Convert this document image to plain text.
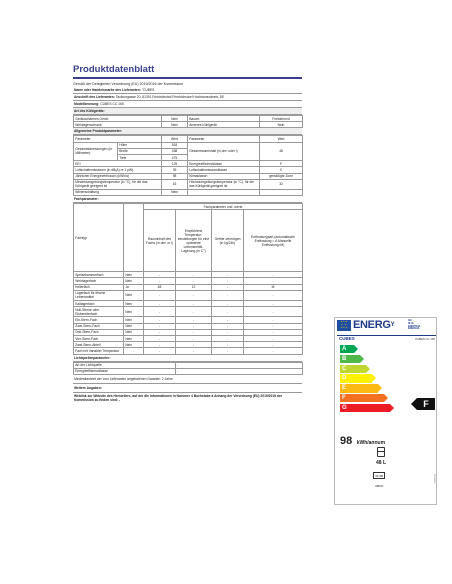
Produktdatenblatt
Gemäß der Delegierten Verordnung (EU) 2019/2016 der Kommission
Name oder Handelsmarke des Lieferanten: "CUBES
Anschrift des Lieferanten: Taxiloorgasse 20, 81391 Friedrichshof Friedrichsdorf Hochtaunuskreis, DE
Modellkennung: CUBES CC 165
Art des Kühlgeräts:
Geräuscharmes Gerät:	Nein	Bauart:	Freistehend
Weinlagerschrank:	Nein	Anderes Kühlgerät:	Nein
Allgemeine Produktparameter:
Parameter		Wert	Parameter	Wert
Gesamtabmessungen (in Millimeter)	Höhe	518	Gesamtrauminhalt (in dm³ oder l)	48
	Breite	438		
	Tiefe	475		
EEI		125	Energieeffizienzklasse	F
Luftschallemissionen (in dB(A) re 1 pW)		39	Luftschallemissionsklasse	C
Jährlicher Energieverbrauch (kWh/a)		98	Klimaklasse:	gemäßigte Zone
Mindestumgebungstemperatur (in °C), für die das Kühlgerät geeignet ist		16	Höchstumgebungstemperatur (in °C), für die das Kühlgerät geeignet ist	32
Winterschaltung		Nein		
Fachparameter:
Fachtyp		Fachparameter und -werte			
		Rauminhalt des Fachs (in dm³ or l)	Empfohlene Temperatur-einstellungen für eine optimierte Lebensmittel-Lagerung (in C°)	Gefrier-vermögen (in kg/24h)	Entfrostungsart (automatische Entfrostung = A Manuelle Entfrostung=M)
Speisekammerfach	Nein	-	-	-	-
Weinlagerfach	Nein	-	-	-	-
Kellerfach	Ja	48	12	-	M
Lagerfach für frische Lebensmittel	Nein	-	-	-	-
Kaltlagerfach	Nein	-	-	-	-
Null-Sterne oder Eisbereiterfach	Nein	-	-	-	-
Ein-Stern-Fach	Nein	-	-	-	-
Zwei-Stern-Fach	Nein	-	-	-	-
Drei-Stern-Fach	Nein	-	-	-	-
Vier-Stern-Fach	Nein	-	-	-	-
Zwei-Stern-Abteil	Nein	-	-	-	-
Fach mit Variabler Temperatur	-	-	-	-	-
Lichtquellenparameter:
Art der Lichtquelle	-
Energieeffizienzklasse	-
Mindestlaufzeit der vom Lieferanten angebotenen Garantie: 2 Jahre
Weitere Angaben:
Weblink zur Website des Herstellers, auf der die Informationen in Nummer 4 Buchstabe a Anhang der Verordnung (EU) 2019/2019 der Kommission zu finden sind: -
★ ★ ★
★   ★
★ ★ ★ $ENERG^Y$
IJA
IE IA
ΕΝΕΡΓΕΙΑ
ENERGIA
CUBES	CUBES CC 165
A
B
C
D
E
F
G	F
98 kWh/annum
48 L
39 dB
ABCD
2019/2016
